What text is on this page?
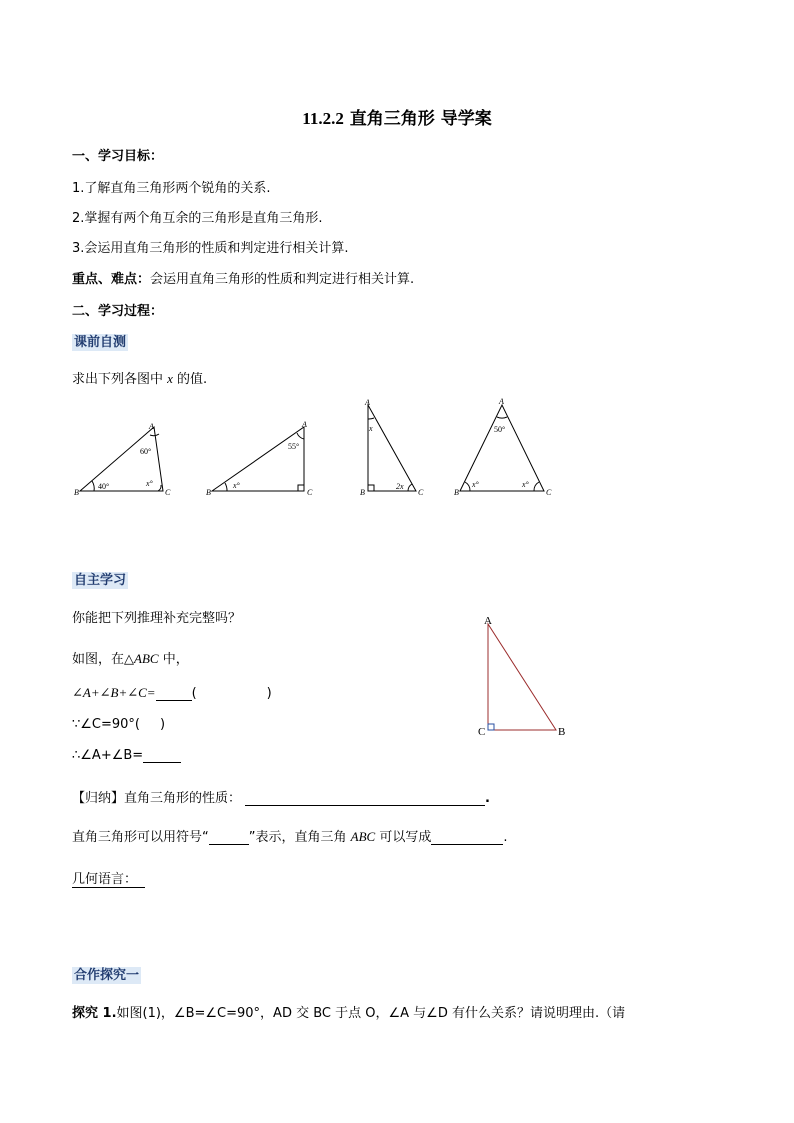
11.2.2 直角三角形 导学案
一、学习目标：
1.了解直角三角形两个锐角的关系.
2.掌握有两个角互余的三角形是直角三角形.
3.会运用直角三角形的性质和判定进行相关计算.
重点、难点：会运用直角三角形的性质和判定进行相关计算.
二、学习过程：
课前自测
求出下列各图中 x 的值.
A
B	C
60°
40°	x°
A
B	C
55°
x°
A
B	C
x
2x
A
B	C
50°
x°	x°
自主学习
你能把下列推理补充完整吗？
如图，在△ABC 中，
∠A+∠B+∠C=	(	)
∵∠C=90°( )
∴∠A+∠B=
A
C	B
【归纳】直角三角形的性质：	.
直角三角形可以用符号“	”表示，直角三角 ABC 可以写成	.
几何语言：
合作探究一
探究 1.如图(1)，∠B=∠C=90°，AD 交 BC 于点 O，∠A 与∠D 有什么关系？请说明理由.（请
